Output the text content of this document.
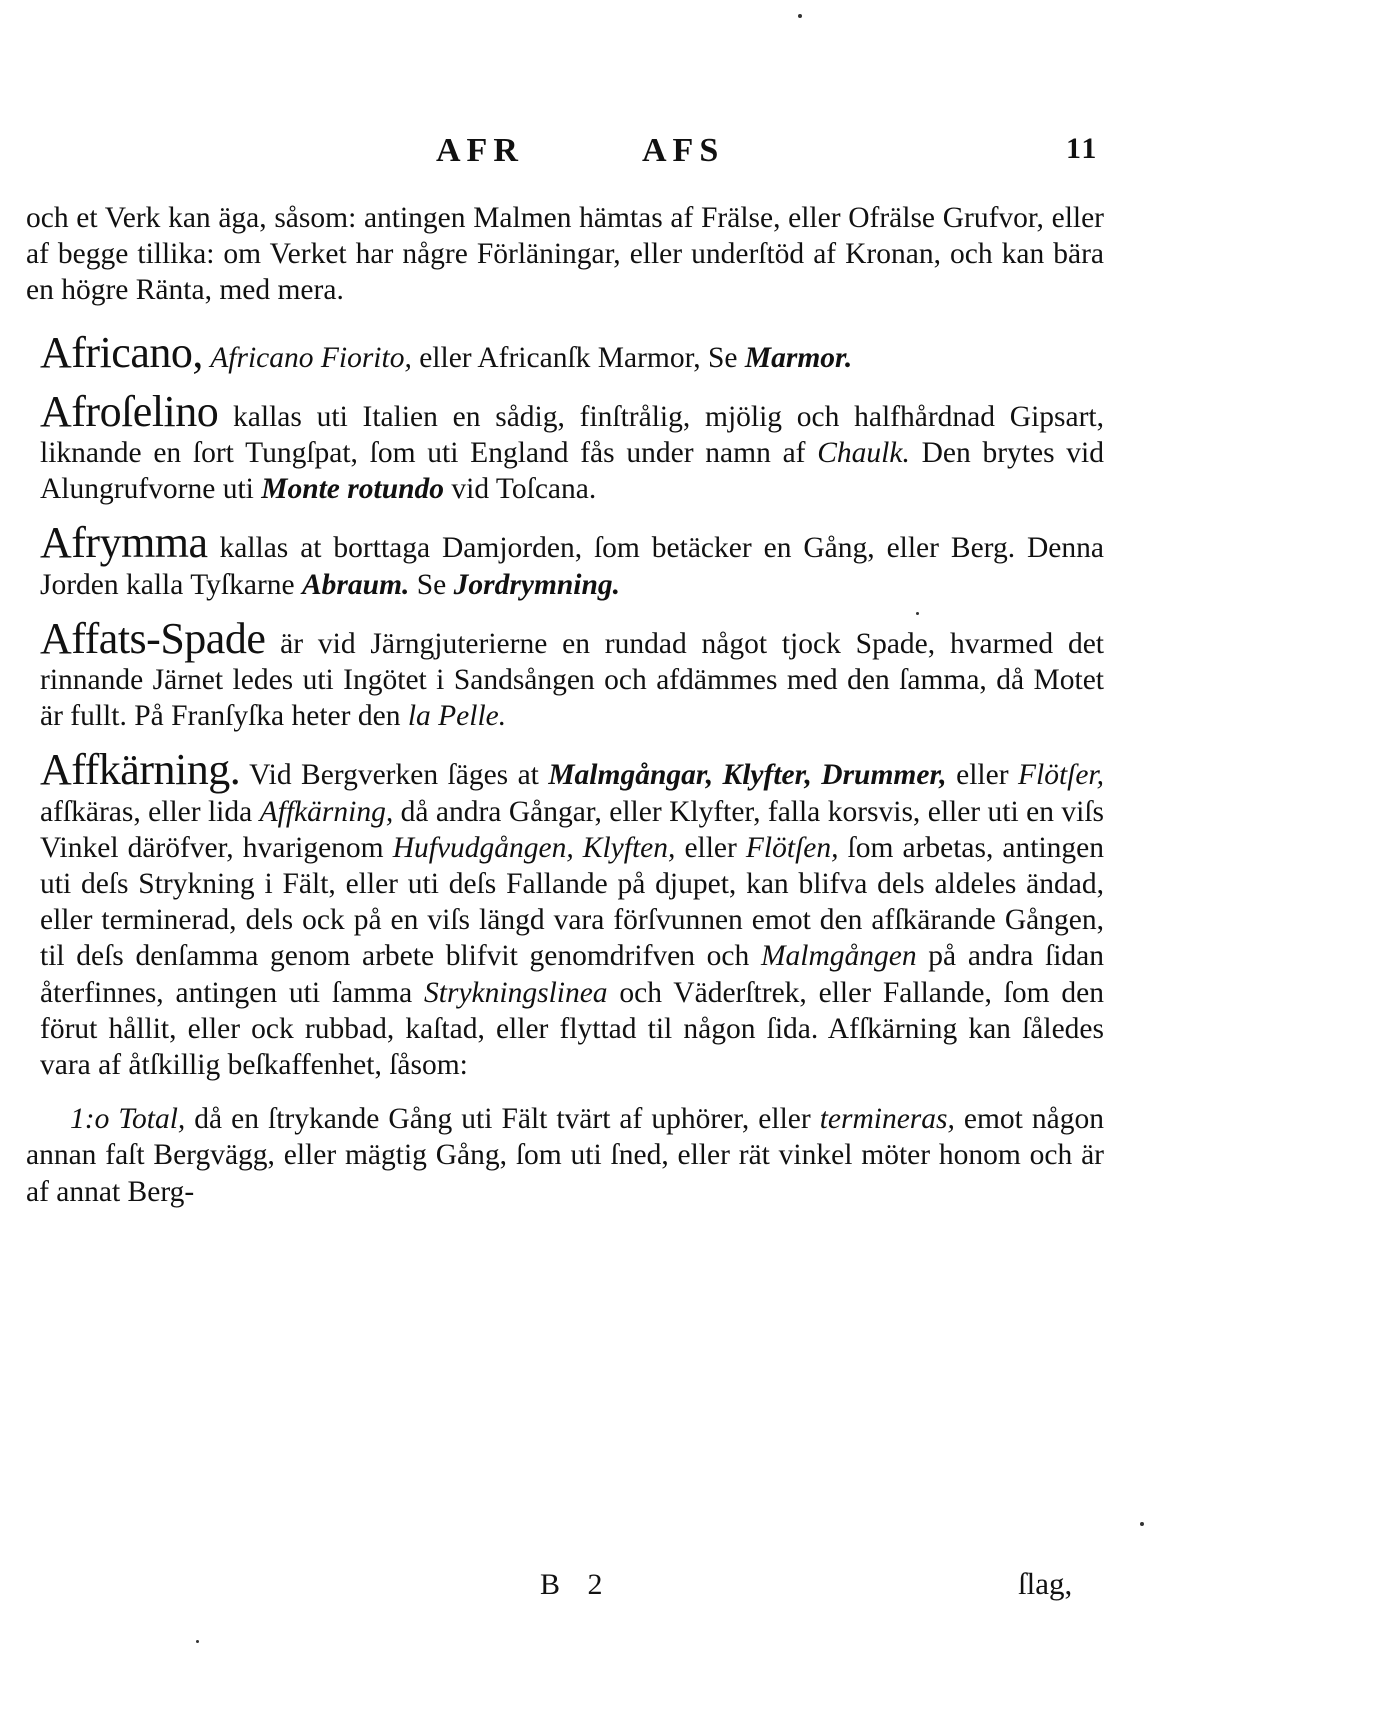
AFR	AFS	11

och et Verk kan äga, såsom: antingen Malmen hämtas af Frälse, eller Ofrälse Grufvor, eller af begge tillika: om Verket har någre Förläningar, eller underſtöd af Kronan, och kan bära en högre Ränta, med mera.

Africano, Africano Fiorito, eller Africanſk Marmor, Se Marmor.

Afroſelino kallas uti Italien en sådig, finſtrålig, mjölig och halfhårdnad Gipsart, liknande en ſort Tungſpat, ſom uti England fås under namn af Chaulk. Den brytes vid Alungrufvorne uti Monte rotundo vid Toſcana.

Afrymma kallas at borttaga Damjorden, ſom betäcker en Gång, eller Berg. Denna Jorden kalla Tyſkarne Abraum. Se Jordrymning.

Affats-Spade är vid Järngjuterierne en rundad något tjock Spade, hvarmed det rinnande Järnet ledes uti Ingötet i Sandsången och afdämmes med den ſamma, då Motet är fullt. På Franſyſka heter den la Pelle.

Affkärning. Vid Bergverken ſäges at Malmgångar, Klyfter, Drummer, eller Flötſer, afſkäras, eller lida Affkärning, då andra Gångar, eller Klyfter, falla korsvis, eller uti en viſs Vinkel däröfver, hvarigenom Hufvudgången, Klyften, eller Flötſen, ſom arbetas, antingen uti deſs Strykning i Fält, eller uti deſs Fallande på djupet, kan blifva dels aldeles ändad, eller terminerad, dels ock på en viſs längd vara förſvunnen emot den afſkärande Gången, til deſs denſamma genom arbete blifvit genomdrifven och Malmgången på andra ſidan återfinnes, antingen uti ſamma Strykningslinea och Väderſtrek, eller Fallande, ſom den förut hållit, eller ock rubbad, kaſtad, eller flyttad til någon ſida. Afſkärning kan ſåledes vara af åtſkillig beſkaffenhet, ſåsom:

1:o Total, då en ſtrykande Gång uti Fält tvärt af uphörer, eller termineras, emot någon annan faſt Bergvägg, eller mägtig Gång, ſom uti ſned, eller rät vinkel möter honom och är af annat Berg-

B 2	ſlag,
